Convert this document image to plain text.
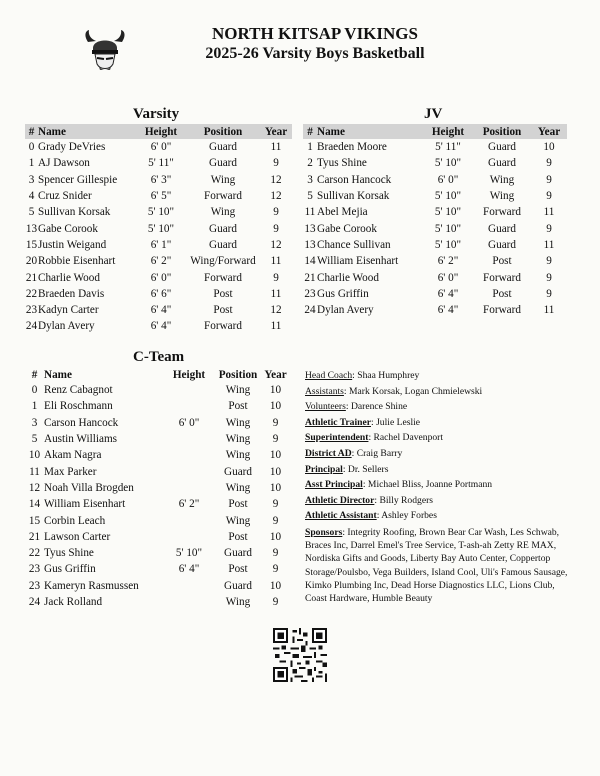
NORTH KITSAP VIKINGS
2025-26 Varsity Boys Basketball
Varsity
#	Name	Height	Position	Year
0	Grady DeVries	6' 0"	Guard	11
1	AJ Dawson	5' 11"	Guard	9
3	Spencer Gillespie	6' 3"	Wing	12
4	Cruz Snider	6' 5"	Forward	12
5	Sullivan Korsak	5' 10"	Wing	9
13	Gabe Corook	5' 10"	Guard	9
15	Justin Weigand	6' 1"	Guard	12
20	Robbie Eisenhart	6' 2"	Wing/Forward	11
21	Charlie Wood	6' 0"	Forward	9
22	Braeden Davis	6' 6"	Post	11
23	Kadyn Carter	6' 4"	Post	12
24	Dylan Avery	6' 4"	Forward	11
JV
#	Name	Height	Position	Year
1	Braeden Moore	5' 11"	Guard	10
2	Tyus Shine	5' 10"	Guard	9
3	Carson Hancock	6' 0"	Wing	9
5	Sullivan Korsak	5' 10"	Wing	9
11	Abel Mejia	5' 10"	Forward	11
13	Gabe Corook	5' 10"	Guard	9
13	Chance Sullivan	5' 10"	Guard	11
14	William Eisenhart	6' 2"	Post	9
21	Charlie Wood	6' 0"	Forward	9
23	Gus Griffin	6' 4"	Post	9
24	Dylan Avery	6' 4"	Forward	11
C-Team
#	Name	Height	Position	Year
0	Renz Cabagnot		Wing	10
1	Eli Roschmann		Post	10
3	Carson Hancock	6' 0"	Wing	9
5	Austin Williams		Wing	9
10	Akam Nagra		Wing	10
11	Max Parker		Guard	10
12	Noah Villa Brogden		Wing	10
14	William Eisenhart	6' 2"	Post	9
15	Corbin Leach		Wing	9
21	Lawson Carter		Post	10
22	Tyus Shine	5' 10"	Guard	9
23	Gus Griffin	6' 4"	Post	9
23	Kameryn Rasmussen		Guard	10
24	Jack Rolland		Wing	9
Head Coach: Shaa Humphrey
Assistants: Mark Korsak, Logan Chmielewski
Volunteers: Darence Shine
Athletic Trainer: Julie Leslie
Superintendent: Rachel Davenport
District AD: Craig Barry
Principal: Dr. Sellers
Asst Principal: Michael Bliss, Joanne Portmann
Athletic Director: Billy Rodgers
Athletic Assistant: Ashley Forbes
Sponsors: Integrity Roofing, Brown Bear Car Wash, Les Schwab, Braces Inc, Darrel Emel's Tree Service, T-ash-ah Zetty RE MAX, Nordiska Gifts and Goods, Liberty Bay Auto Center, Coppertop Storage/Poulsbo, Vega Builders, Island Cool, Uli's Famous Sausage, Kimko Plumbing Inc, Dead Horse Diagnostics LLC, Lions Club, Coast Hardware, Humble Beauty
